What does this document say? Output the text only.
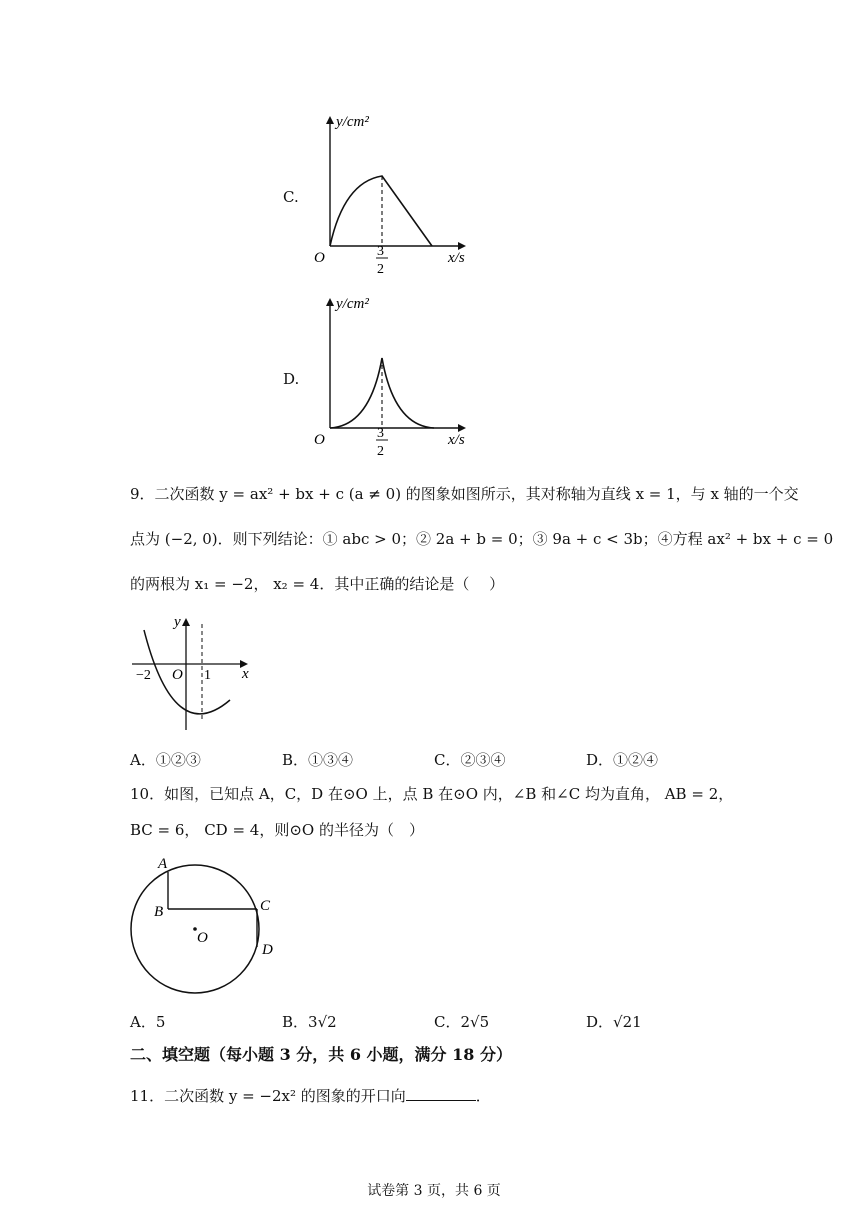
C.
y/cm²
x/s
O	3
2
D.
y/cm²
x/s
O	3
2
9．二次函数 y = ax² + bx + c (a ≠ 0) 的图象如图所示，其对称轴为直线 x = 1，与 x 轴的一个交
点为 (−2, 0)．则下列结论：① abc > 0；② 2a + b = 0；③ 9a + c < 3b；④方程 ax² + bx + c = 0
的两根为 x₁ = −2， x₂ = 4．其中正确的结论是（　 ）
y
x
−2 O 1
A．①②③	B．①③④	C．②③④	D．①②④
10．如图，已知点 A，C，D 在⊙O 上，点 B 在⊙O 内，∠B 和∠C 均为直角， AB = 2，
BC = 6， CD = 4，则⊙O 的半径为（　）
A
B	C
D
O
A．5	B．3√2	C．2√5	D．√21
二、填空题（每小题 3 分，共 6 小题，满分 18 分）
11．二次函数 y = −2x² 的图象的开口向	．
试卷第 3 页，共 6 页
